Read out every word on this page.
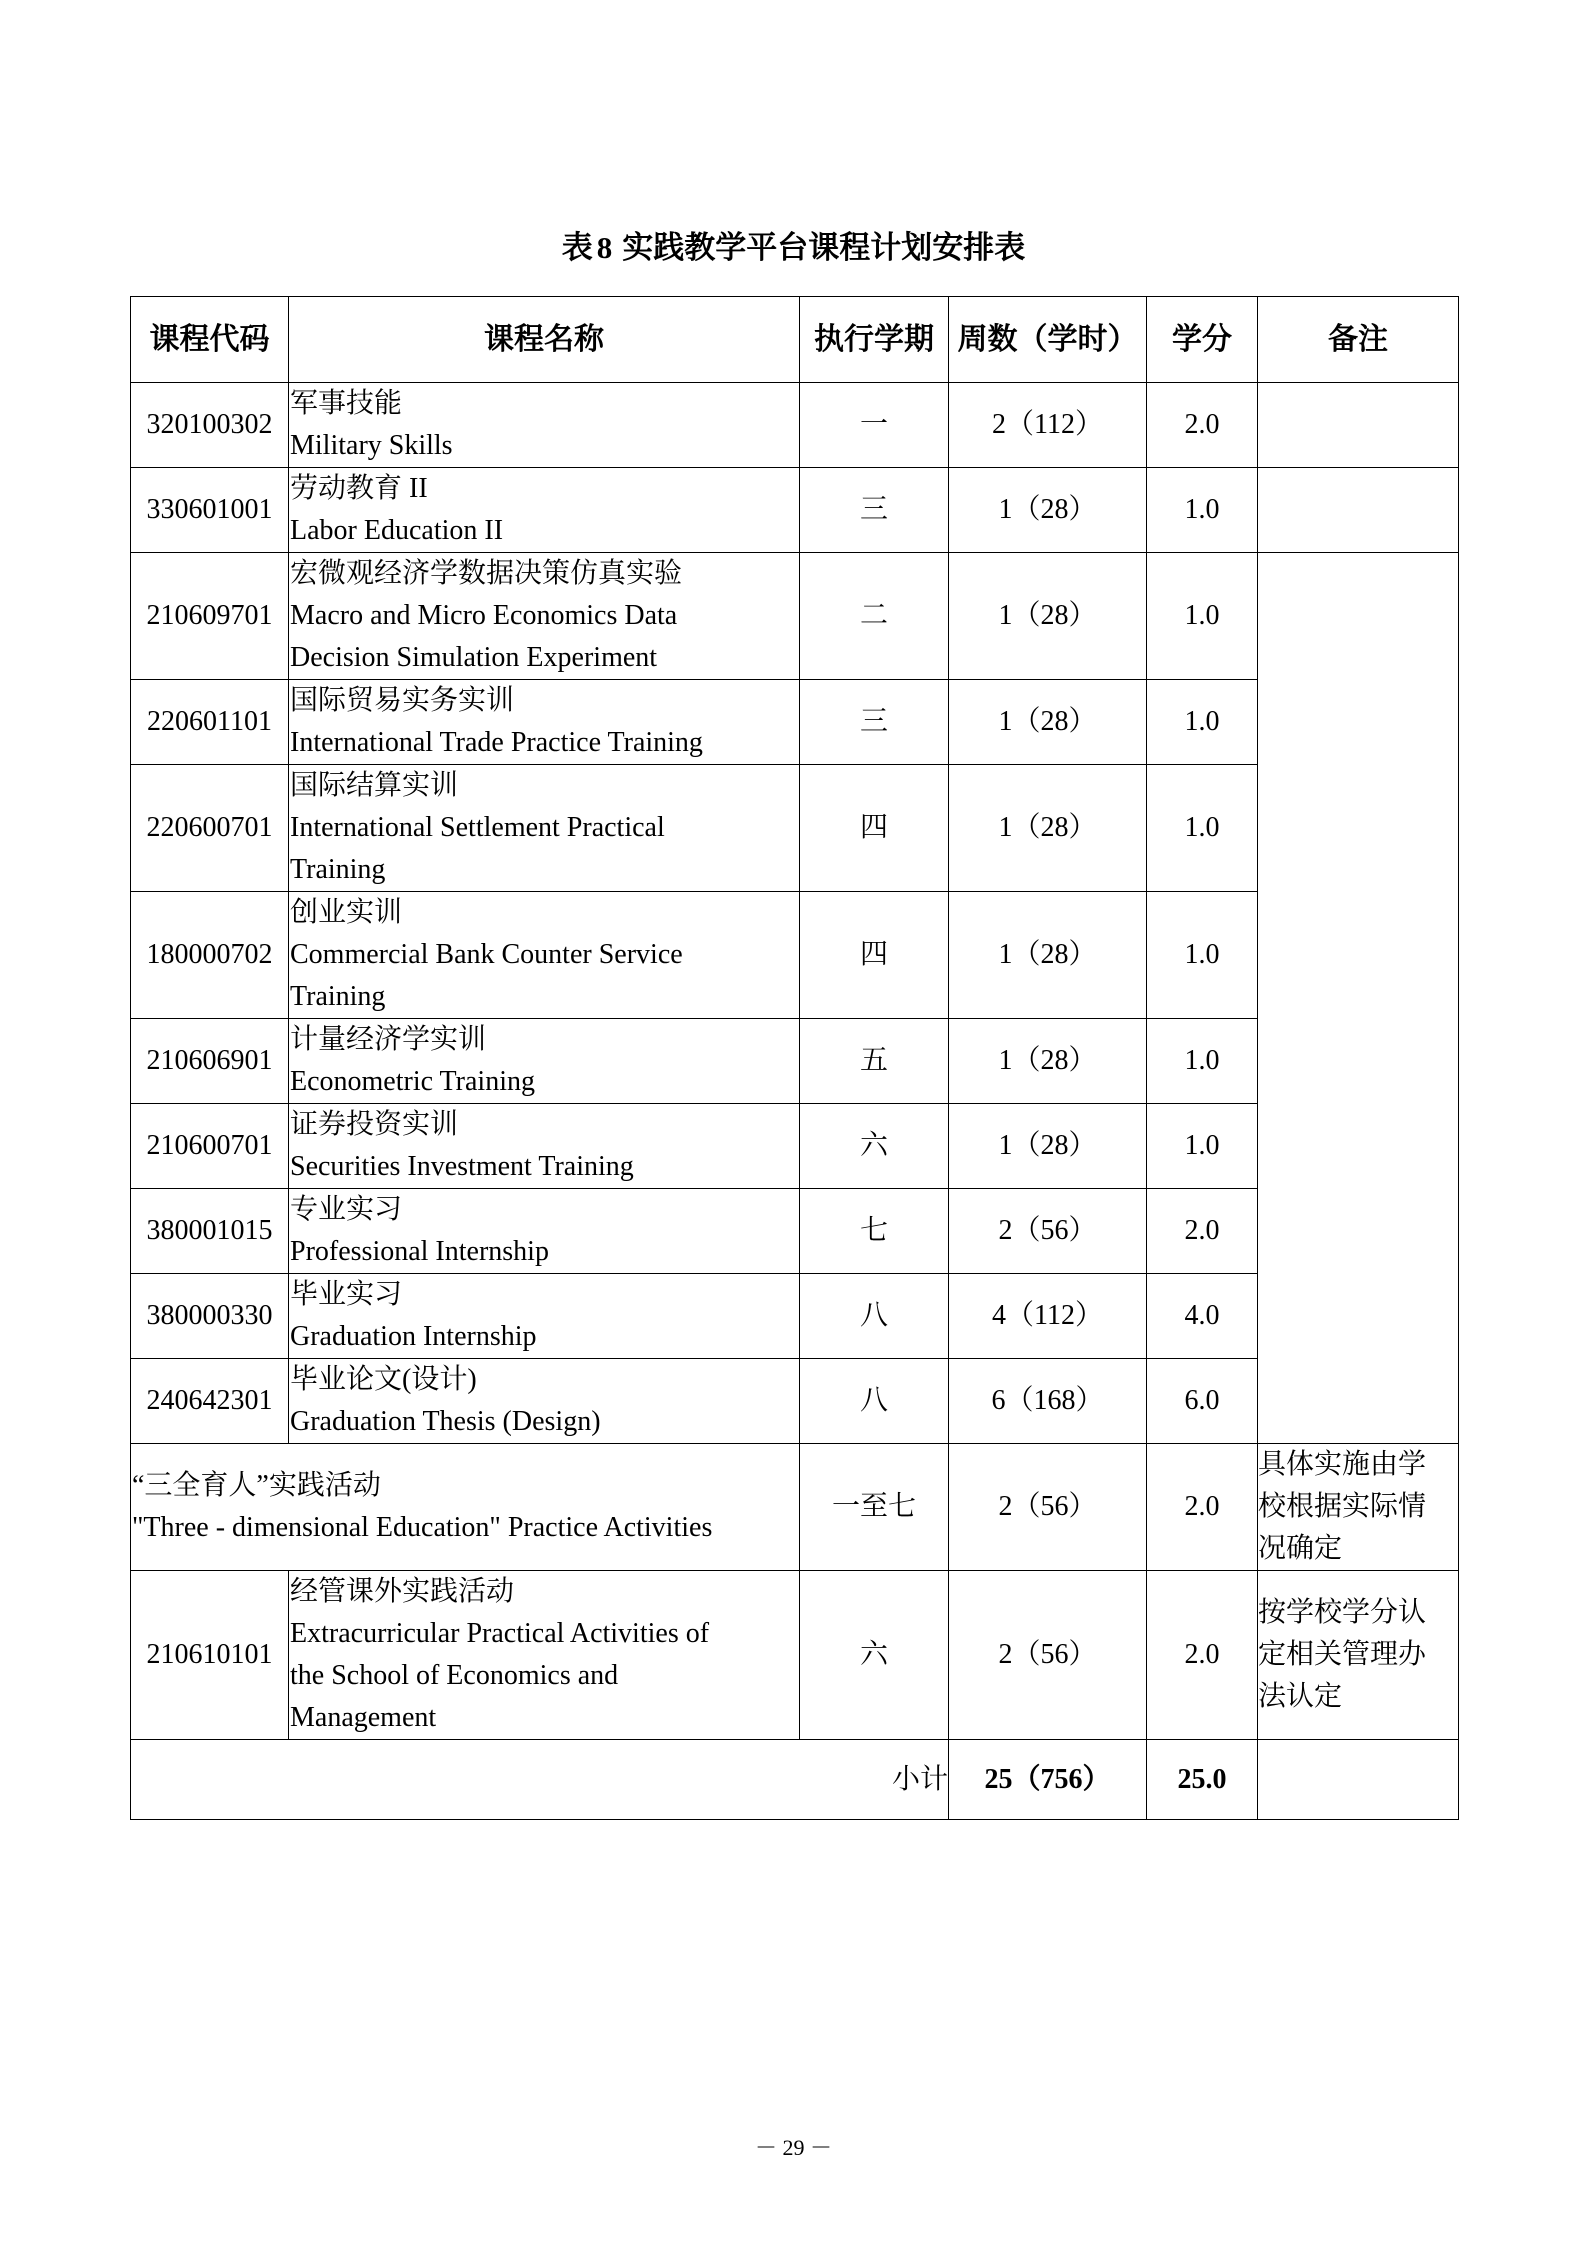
表 8 实践教学平台课程计划安排表
课程代码	课程名称	执行学期	周数（学时）	学分	备注
320100302	军事技能
Military Skills	一	2（112）	2.0	
330601001	劳动教育 II
Labor Education II	三	1（28）	1.0	
210609701	宏微观经济学数据决策仿真实验
Macro and Micro Economics Data
Decision Simulation Experiment	二	1（28）	1.0	
220601101	国际贸易实务实训
International Trade Practice Training	三	1（28）	1.0	
220600701	国际结算实训
International Settlement Practical
Training	四	1（28）	1.0	
180000702	创业实训
Commercial Bank Counter Service
Training	四	1（28）	1.0	
210606901	计量经济学实训
Econometric Training	五	1（28）	1.0	
210600701	证券投资实训
Securities Investment Training	六	1（28）	1.0	
380001015	专业实习
Professional Internship	七	2（56）	2.0	
380000330	毕业实习
Graduation Internship	八	4（112）	4.0	
240642301	毕业论文(设计)
Graduation Thesis (Design)	八	6（168）	6.0	

“三全育人”实践活动
"Three - dimensional Education" Practice Activities		一至七	2（56）	2.0	具体实施由学
校根据实际情
况确定

210610101	经管课外实践活动
Extracurricular Practical Activities of
the School of Economics and
Management	六	2（56）	2.0	按学校学分认
定相关管理办
法认定

小计			25（756）	25.0	
－ 29 －
